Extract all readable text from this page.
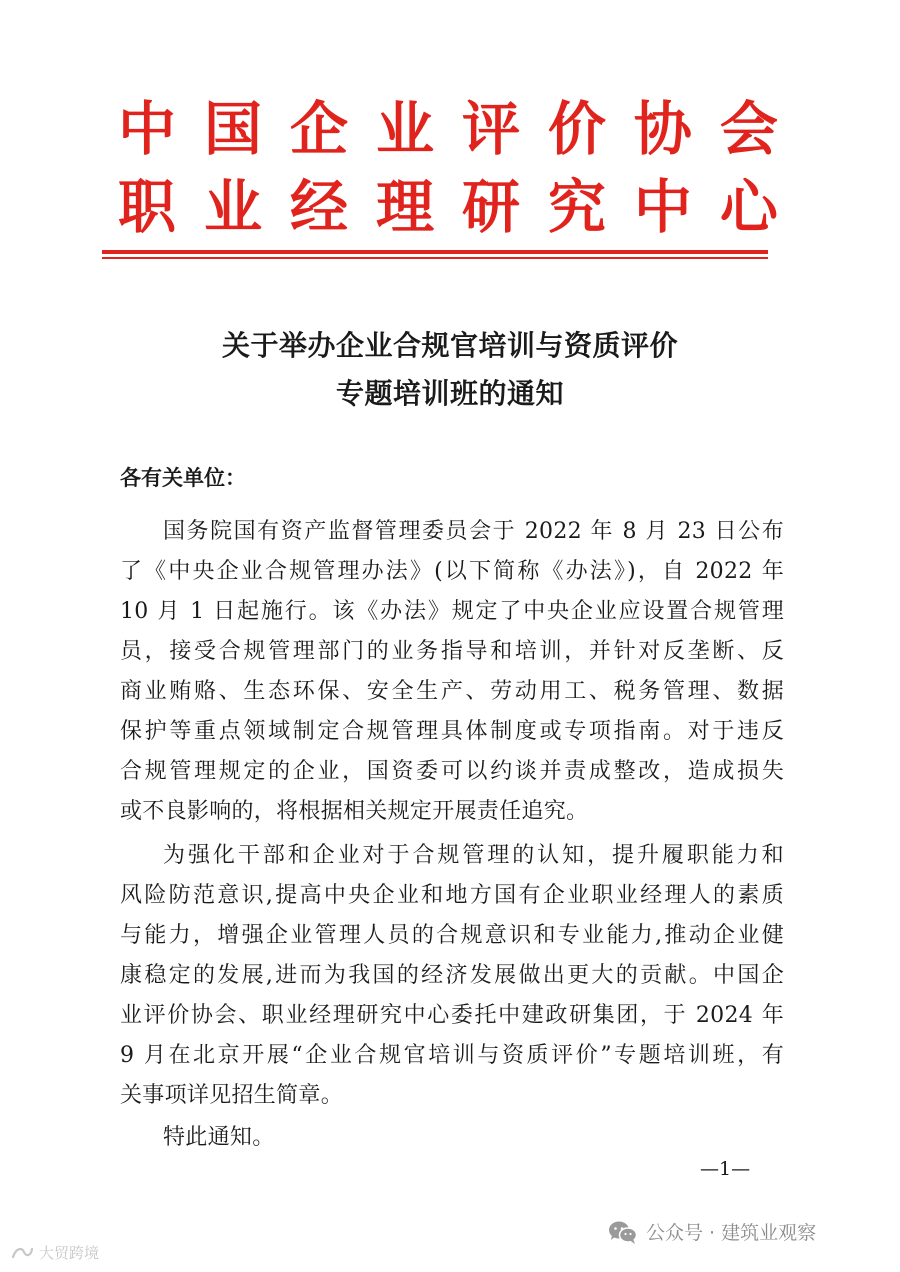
中 国 企 业 评 价 协 会
职 业 经 理 研 究 中 心
关于举办企业合规官培训与资质评价
专题培训班的通知
各有关单位：
国务院国有资产监督管理委员会于 2022 年 8 月 23 日公布
了《中央企业合规管理办法》(以下简称《办法》)，自 2022 年
10 月 1 日起施行。该《办法》规定了中央企业应设置合规管理
员，接受合规管理部门的业务指导和培训，并针对反垄断、反
商业贿赂、生态环保、安全生产、劳动用工、税务管理、数据
保护等重点领域制定合规管理具体制度或专项指南。对于违反
合规管理规定的企业，国资委可以约谈并责成整改，造成损失
或不良影响的，将根据相关规定开展责任追究。
为强化干部和企业对于合规管理的认知，提升履职能力和
风险防范意识,提高中央企业和地方国有企业职业经理人的素质
与能力，增强企业管理人员的合规意识和专业能力,推动企业健
康稳定的发展,进而为我国的经济发展做出更大的贡献。中国企
业评价协会、职业经理研究中心委托中建政研集团，于 2024 年
9 月在北京开展“企业合规官培训与资质评价”专题培训班，有
关事项详见招生简章。
特此通知。
—1—
公众号 · 建筑业观察
大贸跨境
